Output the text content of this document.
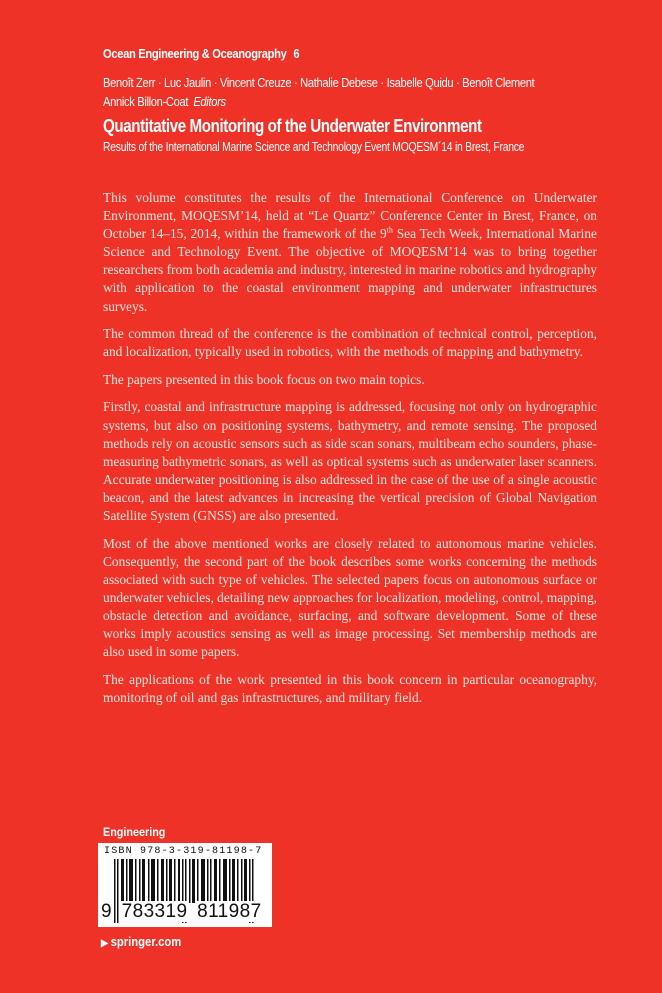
Ocean Engineering & Oceanography 6
Benoît Zerr · Luc Jaulin · Vincent Creuze · Nathalie Debese · Isabelle Quidu · Benoît Clement
Annick Billon-Coat Editors
Quantitative Monitoring of the Underwater Environment
Results of the International Marine Science and Technology Event MOQESM´14 in Brest, France

This volume constitutes the results of the International Conference on Underwater Environment, MOQESM’14, held at “Le Quartz” Conference Center in Brest, France, on October 14–15, 2014, within the framework of the 9th Sea Tech Week, International Marine Science and Technology Event. The objective of MOQESM’14 was to bring together researchers from both academia and industry, interested in marine robotics and hydrography with application to the coastal environment mapping and underwater infrastructures surveys.

The common thread of the conference is the combination of technical control, perception, and localization, typically used in robotics, with the methods of mapping and bathymetry.

The papers presented in this book focus on two main topics.

Firstly, coastal and infrastructure mapping is addressed, focusing not only on hydrographic systems, but also on positioning systems, bathymetry, and remote sensing. The proposed methods rely on acoustic sensors such as side scan sonars, multibeam echo sounders, phase-measuring bathymetric sonars, as well as optical systems such as underwater laser scanners. Accurate underwater positioning is also addressed in the case of the use of a single acoustic beacon, and the latest advances in increasing the vertical precision of Global Navigation Satellite System (GNSS) are also presented.

Most of the above mentioned works are closely related to autonomous marine vehicles. Consequently, the second part of the book describes some works concerning the methods associated with such type of vehicles. The selected papers focus on autonomous surface or underwater vehicles, detailing new approaches for localization, modeling, control, mapping, obstacle detection and avoidance, surfacing, and software development. Some of these works imply acoustics sensing as well as image processing. Set membership methods are also used in some papers.

The applications of the work presented in this book concern in particular oceanography, monitoring of oil and gas infrastructures, and military field.

Engineering
ISBN 978-3-319-81198-7
9 783319 811987
▶ springer.com
